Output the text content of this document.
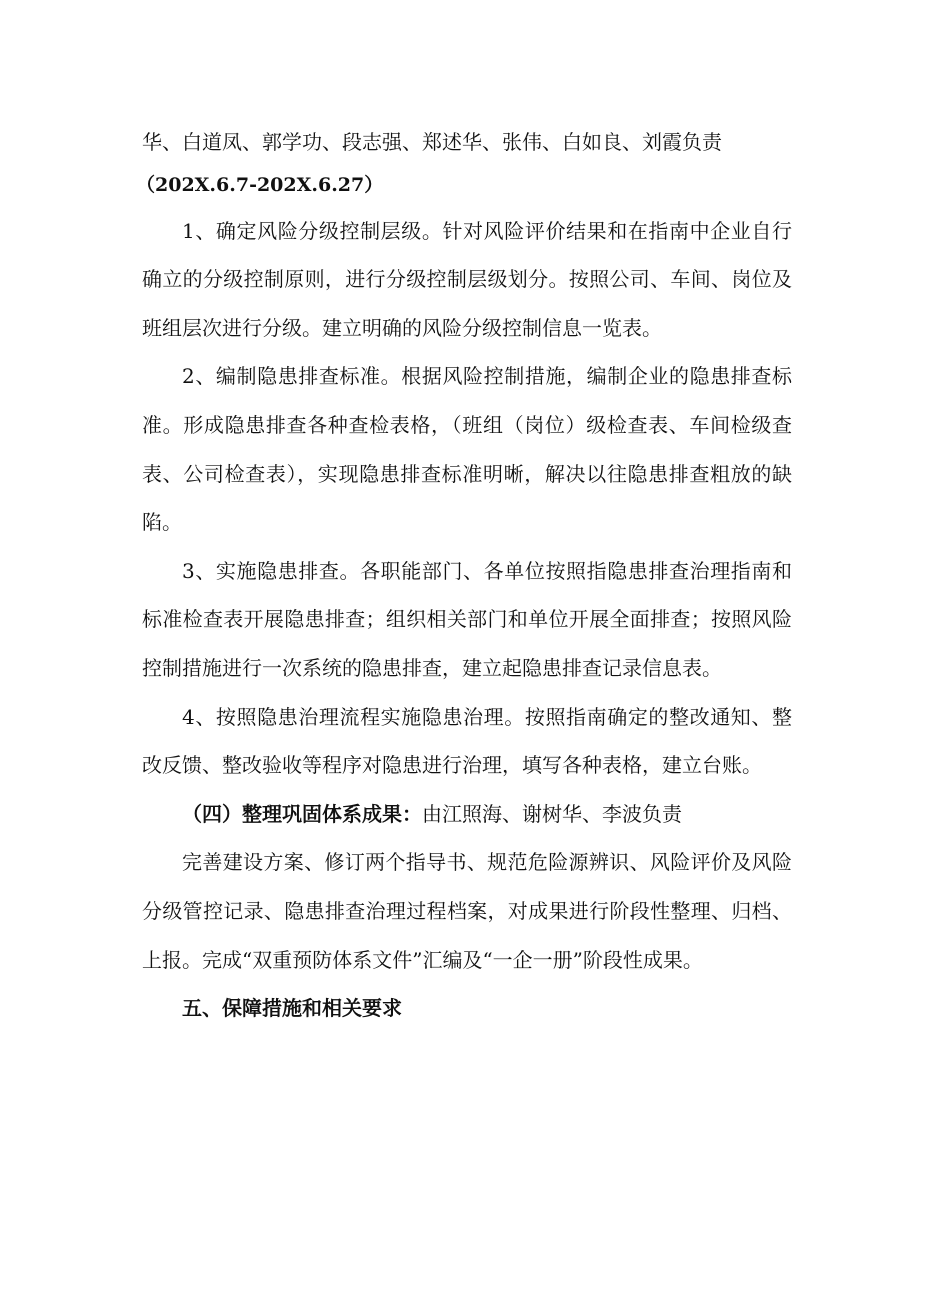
华、白道凤、郭学功、段志强、郑述华、张伟、白如良、刘霞负责
（202X.6.7-202X.6.27）

1、确定风险分级控制层级。针对风险评价结果和在指南中企业自行确立的分级控制原则，进行分级控制层级划分。按照公司、车间、岗位及班组层次进行分级。建立明确的风险分级控制信息一览表。

2、编制隐患排查标准。根据风险控制措施，编制企业的隐患排查标准。形成隐患排查各种查检表格，（班组（岗位）级检查表、车间检级查表、公司检查表），实现隐患排查标准明晰，解决以往隐患排查粗放的缺陷。

3、实施隐患排查。各职能部门、各单位按照指隐患排查治理指南和标准检查表开展隐患排查；组织相关部门和单位开展全面排查；按照风险控制措施进行一次系统的隐患排查，建立起隐患排查记录信息表。

4、按照隐患治理流程实施隐患治理。按照指南确定的整改通知、整改反馈、整改验收等程序对隐患进行治理，填写各种表格，建立台账。

（四）整理巩固体系成果：由江照海、谢树华、李波负责

完善建设方案、修订两个指导书、规范危险源辨识、风险评价及风险分级管控记录、隐患排查治理过程档案，对成果进行阶段性整理、归档、上报。完成“双重预防体系文件”汇编及“一企一册”阶段性成果。

五、保障措施和相关要求
